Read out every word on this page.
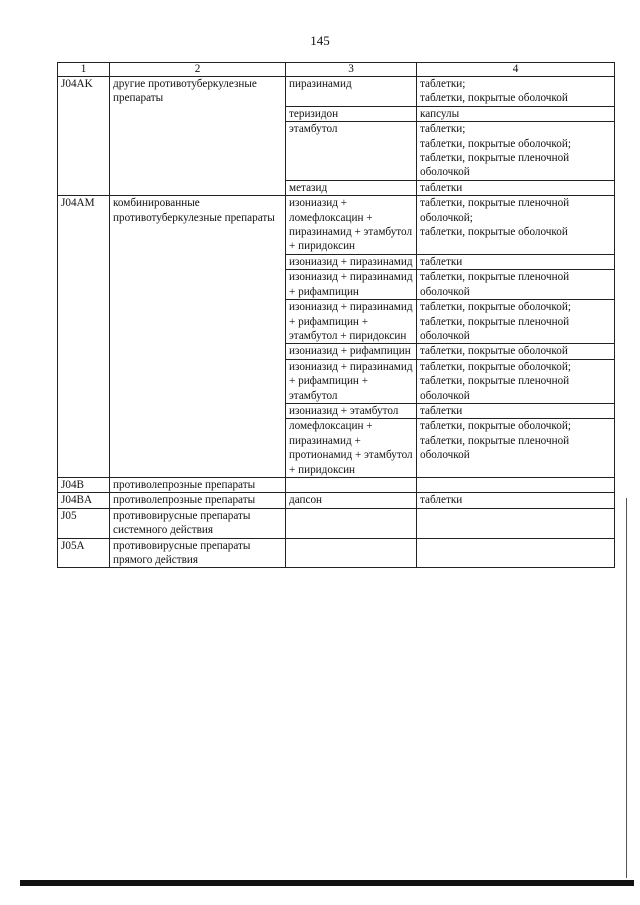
145
1	2	3	4
J04AK	другие противотуберкулезные препараты	пиразинамид	таблетки;
таблетки, покрытые оболочкой

		теризидон	капсулы

		этамбутол	таблетки;
таблетки, покрытые оболочкой;
таблетки, покрытые пленочной оболочкой

		метазид	таблетки

J04AM	комбинированные противотуберкулезные препараты	изониазид + ломефлоксацин + пиразинамид + этамбутол + пиридоксин	таблетки, покрытые пленочной оболочкой;
таблетки, покрытые оболочкой

		изониазид + пиразинамид	таблетки

		изониазид + пиразинамид + рифампицин	таблетки, покрытые пленочной оболочкой

		изониазид + пиразинамид + рифампицин + этамбутол + пиридоксин	таблетки, покрытые оболочкой;
таблетки, покрытые пленочной оболочкой

		изониазид + рифампицин	таблетки, покрытые оболочкой

		изониазид + пиразинамид + рифампицин + этамбутол	таблетки, покрытые оболочкой;
таблетки, покрытые пленочной оболочкой

		изониазид + этамбутол	таблетки

		ломефлоксацин + пиразинамид + протионамид + этамбутол + пиридоксин	таблетки, покрытые оболочкой;
таблетки, покрытые пленочной оболочкой

J04B	противолепрозные препараты		
J04BA	противолепрозные препараты	дапсон	таблетки

J05	противовирусные препараты системного действия		
J05A	противовирусные препараты прямого действия		
